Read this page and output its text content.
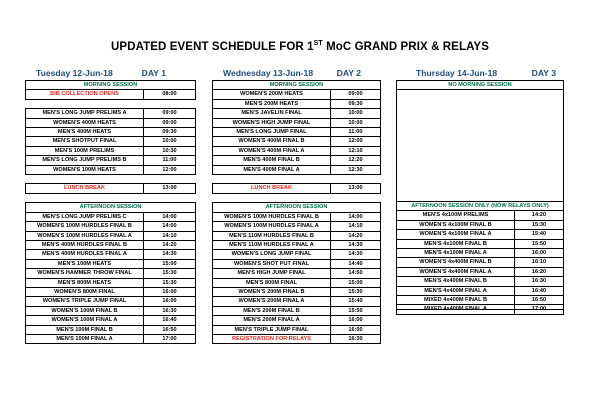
UPDATED EVENT SCHEDULE FOR 1ST MoC GRAND PRIX & RELAYS
Tuesday 12-Jun-18	DAY 1	Wednesday 13-Jun-18	DAY 2	Thursday 14-Jun-18	DAY 3
MORNING SESSION	
BIB COLLECTION OPENS	08:00

MEN'S LONG JUMP PRELIMS A	09:00
WOMEN'S 400M HEATS	09:00
MEN'S 400M HEATS	09:30
MEN'S SHOTPUT FINAL	10:00
MEN'S 100M PRELIMS	10:30
MEN'S LONG JUMP PRELIMS B	11:00
WOMEN'S 100M HEATS	12:00

LUNCH BREAK	13:00

AFTERNOON SESSION	
MEN'S LONG JUMP PRELIMS C	14:00
WOMEN'S 100M HURDLES FINAL B	14:00
WOMEN'S 100M HURDLES FINAL A	14:10
MEN'S 400M HURDLES FINAL B	14:20
MEN'S 400M HURDLES FINAL A	14:30
MEN'S 100M HEATS	15:00
WOMEN'S HAMMER THROW FINAL	15:30
MEN'S 800M HEATS	15:30
WOMEN'S 800M FINAL	16:00
WOMEN'S TRIPLE JUMP FINAL	16:00
WOMEN'S 100M FINAL B	16:30
WOMEN'S 100M FINAL A	16:40
MEN'S 100M FINAL B	16:50
MEN'S 100M FINAL A	17:00
MORNING SESSION	
WOMEN'S 200M HEATS	09:00
MEN'S 200M HEATS	09:30
MEN'S JAVELIN FINAL	10:00
WOMEN'S HIGH JUMP FINAL	10:00
MEN'S LONG JUMP FINAL	11:00
WOMEN'S 400M FINAL B	12:00
WOMEN'S 400M FINAL A	12:10
MEN'S 400M FINAL B	12:20
MEN'S 400M FINAL A	12:30

LUNCH BREAK	13:00

AFTERNOON SESSION	
WOMEN'S 100M HURDLES FINAL B	14:00
WOMEN'S 100M HURDLES FINAL A	14:10
MEN'S 110M HURDLES FINAL B	14:20
MEN'S 110M HURDLES FINAL A	14:30
WOMEN'S LONG JUMP FINAL	14:30
WOMEN'S SHOT PUT FINAL	14:40
MEN'S HIGH JUMP FINAL	14:50
MEN'S 800M FINAL	15:00
WOMEN'S 200M FINAL B	15:30
WOMEN'S 200M FINAL A	15:40
MEN'S 200M FINAL B	15:50
MEN'S 200M FINAL A	16:00
MEN'S TRIPLE JUMP FINAL	16:00
REGISTRATION FOR RELAYS	16:30
NO MORNING SESSION
AFTERNOON SESSION ONLY (NOW RELAYS ONLY)	
MEN'S 4x100M PRELIMS	14:20
WOMEN'S 4x100M FINAL B	15:30
WOMEN'S 4x100M FINAL A	15:40
MEN'S 4x100M FINAL B	15:50
MEN'S 4x100M FINAL A	16:00
WOMEN'S 4x400M FINAL B	16:10
WOMEN'S 4x400M FINAL A	16:20
MEN'S 4x400M FINAL B	16:30
MEN'S 4x400M FINAL A	16:40
MIXED 4x400M FINAL B	16:50
MIXED 4x400M FINAL A	17:00
